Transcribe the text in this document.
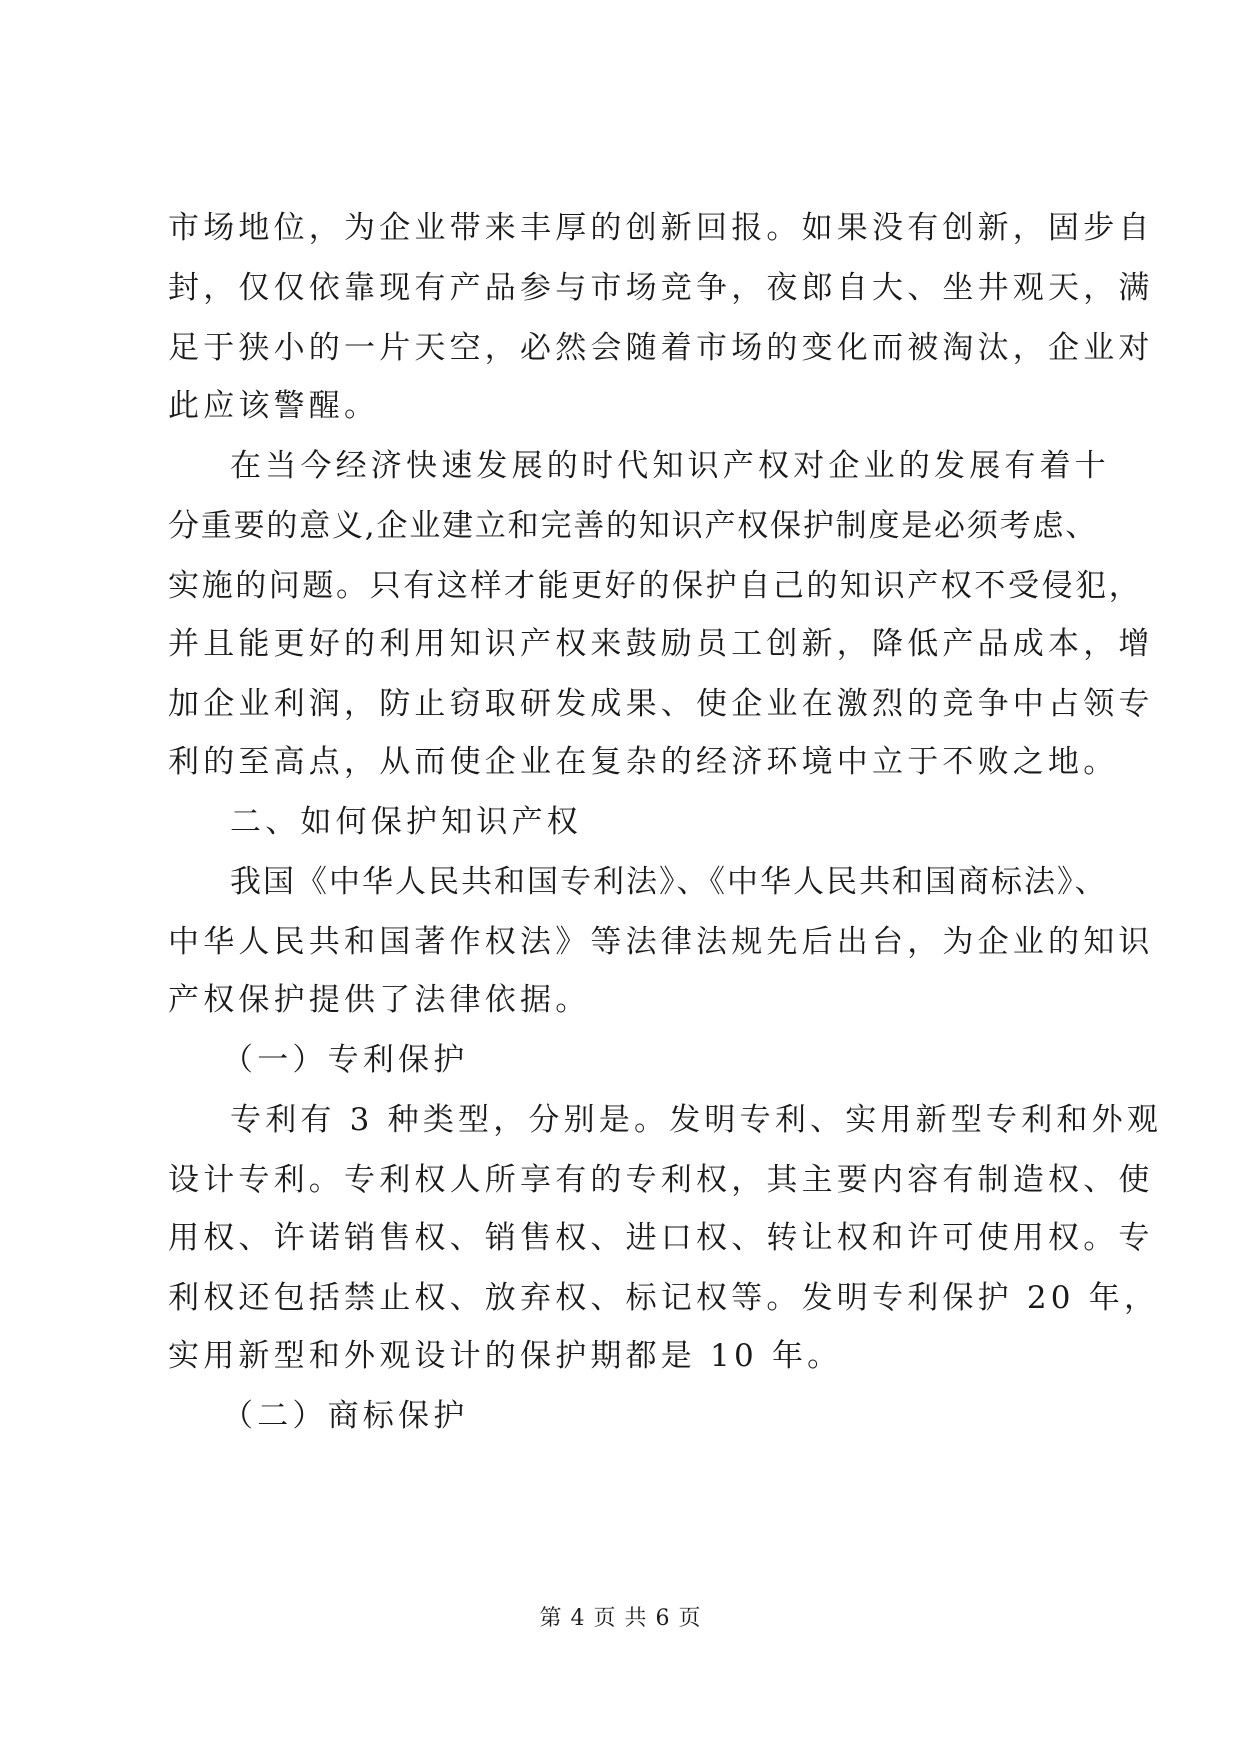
市场地位，为企业带来丰厚的创新回报。如果没有创新，固步自
封，仅仅依靠现有产品参与市场竞争，夜郎自大、坐井观天，满
足于狭小的一片天空，必然会随着市场的变化而被淘汰，企业对
此应该警醒。
在当今经济快速发展的时代知识产权对企业的发展有着十
分重要的意义,企业建立和完善的知识产权保护制度是必须考虑、
实施的问题。只有这样才能更好的保护自己的知识产权不受侵犯，
并且能更好的利用知识产权来鼓励员工创新，降低产品成本，增
加企业利润，防止窃取研发成果、使企业在激烈的竞争中占领专
利的至高点，从而使企业在复杂的经济环境中立于不败之地。
二、如何保护知识产权
我国《中华人民共和国专利法》、《中华人民共和国商标法》、
中华人民共和国著作权法》等法律法规先后出台，为企业的知识
产权保护提供了法律依据。
（一）专利保护
专利有 3 种类型，分别是。发明专利、实用新型专利和外观
设计专利。专利权人所享有的专利权，其主要内容有制造权、使
用权、许诺销售权、销售权、进口权、转让权和许可使用权。专
利权还包括禁止权、放弃权、标记权等。发明专利保护 20 年，
实用新型和外观设计的保护期都是 10 年。
（二）商标保护
第 4 页 共 6 页
